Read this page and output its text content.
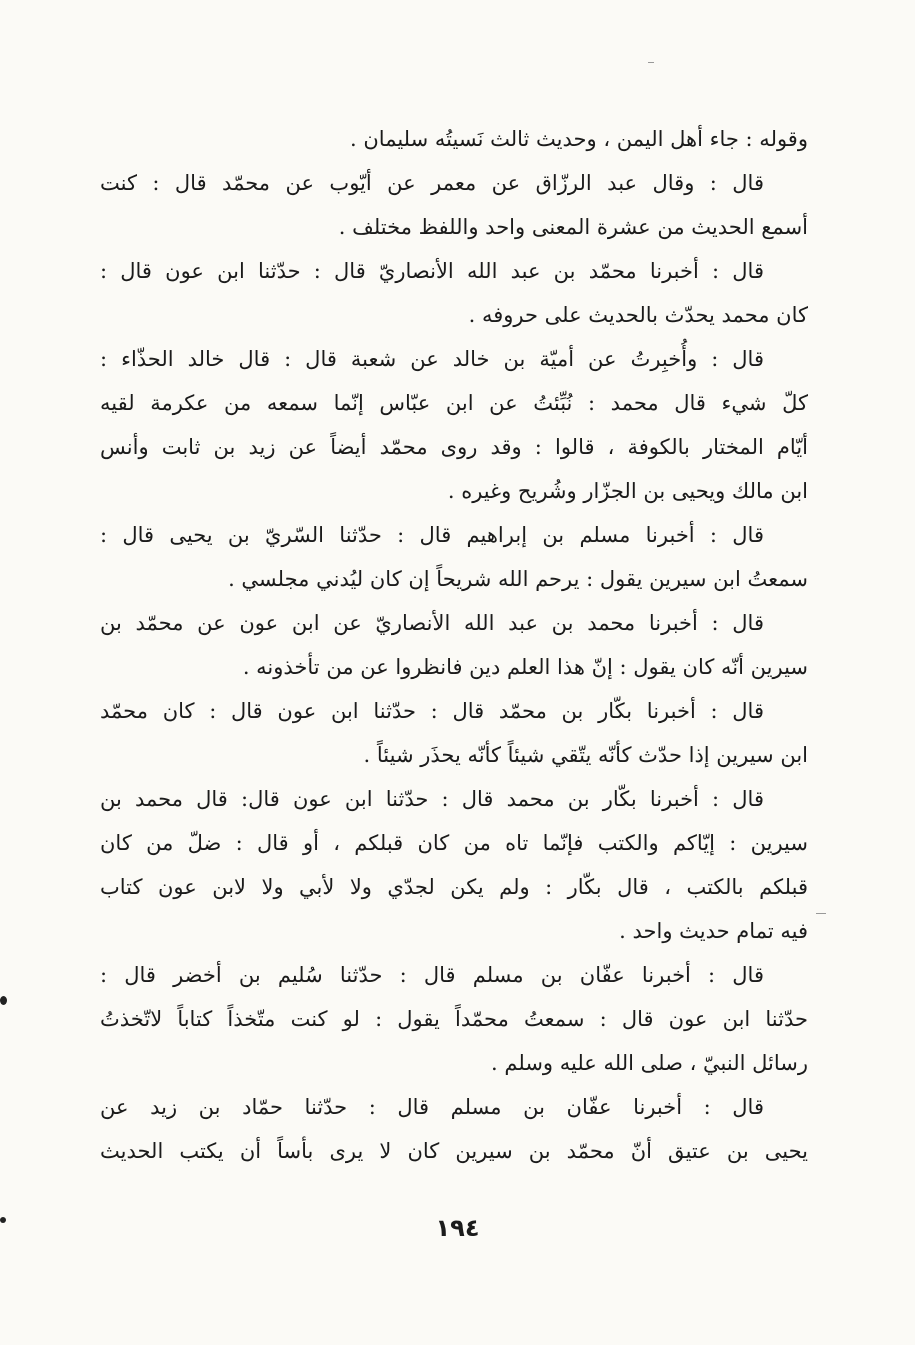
وقوله : جاء أهل اليمن ، وحديث ثالث نَسيتُه سليمان .
قال : وقال عبد الرزّاق عن معمر عن أيّوب عن محمّد قال : كنت
أسمع الحديث من عشرة المعنى واحد واللفظ مختلف .
قال : أخبرنا محمّد بن عبد الله الأنصاريّ قال : حدّثنا ابن عون قال :
كان محمد يحدّث بالحديث على حروفه .
قال : وأُخبِرتُ عن أميّة بن خالد عن شعبة قال : قال خالد الحذّاء :
كلّ شيء قال محمد : نُبِّئتُ عن ابن عبّاس إنّما سمعه من عكرمة لقيه
أيّام المختار بالكوفة ، قالوا : وقد روى محمّد أيضاً عن زيد بن ثابت وأنس
ابن مالك ويحيى بن الجزّار وشُريح وغيره .
قال : أخبرنا مسلم بن إبراهيم قال : حدّثنا السّريّ بن يحيى قال :
سمعتُ ابن سيرين يقول : يرحم الله شريحاً إن كان ليُدني مجلسي .
قال : أخبرنا محمد بن عبد الله الأنصاريّ عن ابن عون عن محمّد بن
سيرين أنّه كان يقول : إنّ هذا العلم دين فانظروا عن من تأخذونه .
قال : أخبرنا بكّار بن محمّد قال : حدّثنا ابن عون قال : كان محمّد
ابن سيرين إذا حدّث كأنّه يتّقي شيئاً كأنّه يحذَر شيئاً .
قال : أخبرنا بكّار بن محمد قال : حدّثنا ابن عون قال: قال محمد بن
سيرين : إيّاكم والكتب فإنّما تاه من كان قبلكم ، أو قال : ضلّ من كان
قبلكم بالكتب ، قال بكّار : ولم يكن لجدّي ولا لأبي ولا لابن عون كتاب
فيه تمام حديث واحد .
قال : أخبرنا عفّان بن مسلم قال : حدّثنا سُليم بن أخضر قال :
حدّثنا ابن عون قال : سمعتُ محمّداً يقول : لو كنت متّخذاً كتاباً لاتّخذتُ
رسائل النبيّ ، صلى الله عليه وسلم .
قال : أخبرنا عفّان بن مسلم قال : حدّثنا حمّاد بن زيد عن
يحيى بن عتيق أنّ محمّد بن سيرين كان لا يرى بأساً أن يكتب الحديث
١٩٤
